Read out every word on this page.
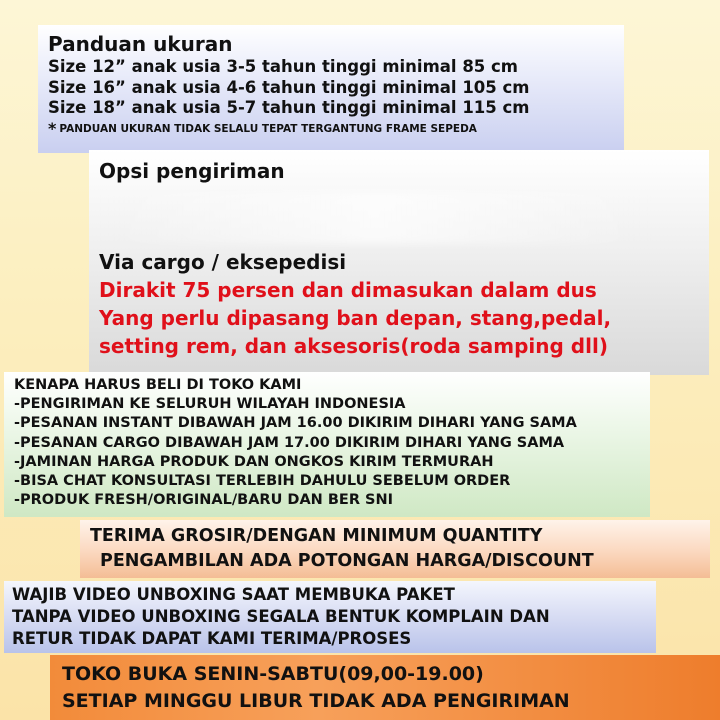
Panduan ukuran
Size 12” anak usia 3-5 tahun tinggi minimal 85 cm
Size 16” anak usia 4-6 tahun tinggi minimal 105 cm
Size 18” anak usia 5-7 tahun tinggi minimal 115 cm
* PANDUAN UKURAN TIDAK SELALU TEPAT TERGANTUNG FRAME SEPEDA
Opsi pengiriman
Via cargo / eksepedisi
Dirakit 75 persen dan dimasukan dalam dus
Yang perlu dipasang ban depan, stang,pedal,
setting rem, dan aksesoris(roda samping dll)
KENAPA HARUS BELI DI TOKO KAMI
-PENGIRIMAN KE SELURUH WILAYAH INDONESIA
-PESANAN INSTANT DIBAWAH JAM 16.00 DIKIRIM DIHARI YANG SAMA
-PESANAN CARGO DIBAWAH JAM 17.00 DIKIRIM DIHARI YANG SAMA
-JAMINAN HARGA PRODUK DAN ONGKOS KIRIM TERMURAH
-BISA CHAT KONSULTASI TERLEBIH DAHULU SEBELUM ORDER
-PRODUK FRESH/ORIGINAL/BARU DAN BER SNI
TERIMA GROSIR/DENGAN MINIMUM QUANTITY
PENGAMBILAN ADA POTONGAN HARGA/DISCOUNT
WAJIB VIDEO UNBOXING SAAT MEMBUKA PAKET
TANPA VIDEO UNBOXING SEGALA BENTUK KOMPLAIN DAN
RETUR TIDAK DAPAT KAMI TERIMA/PROSES
TOKO BUKA SENIN-SABTU(09,00-19.00)
SETIAP MINGGU LIBUR TIDAK ADA PENGIRIMAN
